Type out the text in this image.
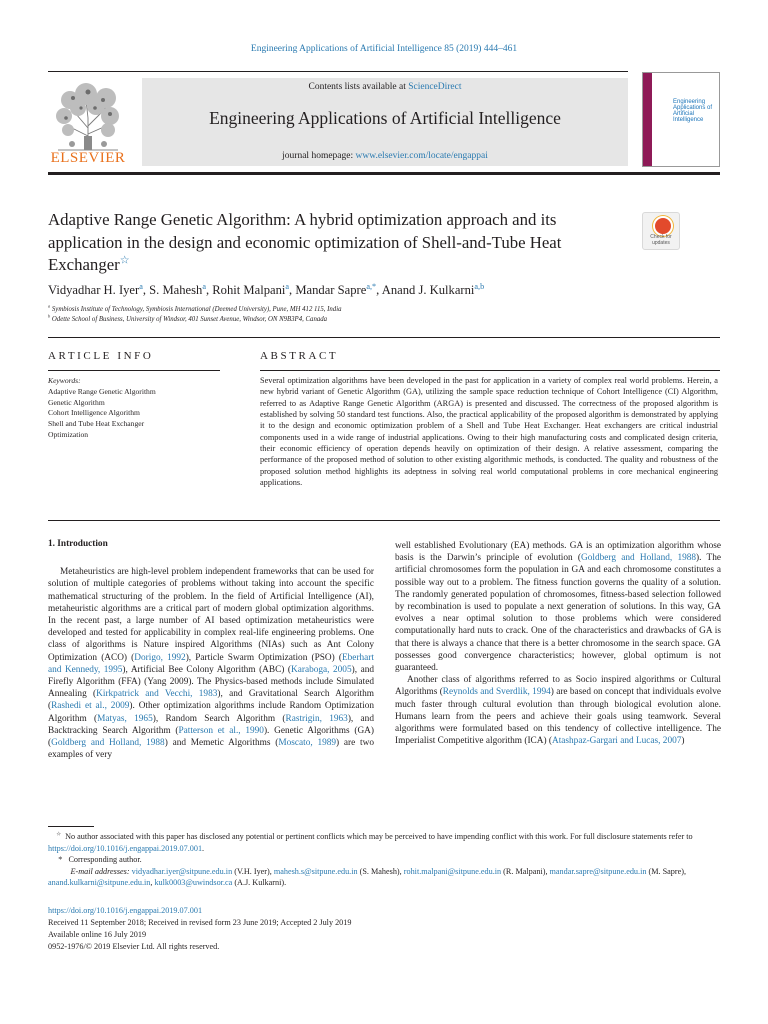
Engineering Applications of Artificial Intelligence 85 (2019) 444–461
ELSEVIER
Contents lists available at ScienceDirect
Engineering Applications of Artificial Intelligence
journal homepage: www.elsevier.com/locate/engappai
Engineering Applications of Artificial Intelligence
Adaptive Range Genetic Algorithm: A hybrid optimization approach and its application in the design and economic optimization of Shell-and-Tube Heat Exchanger☆
Check for updates
Vidyadhar H. Iyer$^a$, S. Mahesh$^a$, Rohit Malpani$^a$, Mandar Sapre$^{a,*}$, Anand J. Kulkarni$^{a,b}$
$^a$ Symbiosis Institute of Technology, Symbiosis International (Deemed University), Pune, MH 412 115, India
$^b$ Odette School of Business, University of Windsor, 401 Sunset Avenue, Windsor, ON N9B3P4, Canada
ARTICLE INFO	ABSTRACT
Keywords:
Adaptive Range Genetic Algorithm
Genetic Algorithm
Cohort Intelligence Algorithm
Shell and Tube Heat Exchanger
Optimization
Several optimization algorithms have been developed in the past for application in a variety of complex real world problems. Herein, a new hybrid variant of Genetic Algorithm (GA), utilizing the sample space reduction technique of Cohort Intelligence (CI) Algorithm, referred to as Adaptive Range Genetic Algorithm (ARGA) is presented and discussed. The correctness of the proposed algorithm is established by solving 50 standard test functions. Also, the practical applicability of the proposed algorithm is demonstrated by applying it to the design and economic optimization problem of a Shell and Tube Heat Exchanger. Heat exchangers are critical industrial components used in a wide range of industrial applications. Owing to their high manufacturing costs and complicated design criteria, their economic efficiency of operation depends heavily on optimization of their design. A relative assessment, comparing the performance of the proposed method of solution to other existing algorithmic methods, is conducted. The quality and robustness of the proposed solution method highlights its adeptness in solving real world computational problems in core mechanical engineering applications.
1. Introduction

Metaheuristics are high-level problem independent frameworks that can be used for solution of multiple categories of problems without taking into account the specific mathematical structuring of the problem. In the field of Artificial Intelligence (AI), metaheuristic algorithms are a critical part of modern global optimization algorithms. In the recent past, a large number of AI based optimization metaheuristics were developed and tested for applicability in complex real-life engineering problems. One class of algorithms is Nature inspired Algorithms (NIAs) such as Ant Colony Optimization (ACO) (Dorigo, 1992), Particle Swarm Optimization (PSO) (Eberhart and Kennedy, 1995), Artificial Bee Colony Algorithm (ABC) (Karaboga, 2005), and Firefly Algorithm (FFA) (Yang 2009). The Physics-based methods include Simulated Annealing (Kirkpatrick and Vecchi, 1983), and Gravitational Search Algorithm (Rashedi et al., 2009). Other optimization algorithms include Random Optimization Algorithm (Matyas, 1965), Random Search Algorithm (Rastrigin, 1963), and Backtracking Search Algorithm (Patterson et al., 1990). Genetic Algorithms (GA) (Goldberg and Holland, 1988) and Memetic Algorithms (Moscato, 1989) are two examples of very

well established Evolutionary (EA) methods. GA is an optimization algorithm whose basis is the Darwin’s principle of evolution (Goldberg and Holland, 1988). The artificial chromosomes form the population in GA and each chromosome constitutes a possible way out to a problem. The fitness function governs the quality of a solution. The randomly generated population of chromosomes, fitness-based selection followed by recombination is used to populate a next generation of solutions. In this way, GA evolves a near optimal solution to those problems which were considered computationally hard nuts to crack. One of the characteristics and drawbacks of GA is that there is always a chance that there is a better chromosome in the search space. GA possesses good convergence characteristics; however, global optimum is not guaranteed.

Another class of algorithms referred to as Socio inspired algorithms or Cultural Algorithms (Reynolds and Sverdlik, 1994) are based on concept that individuals evolve much faster through cultural evolution than through biological evolution alone. Humans learn from the peers and achieve their goals using teamwork. Several algorithms were formulated based on this tendency of collective intelligence. The Imperialist Competitive algorithm (ICA) (Atashpaz-Gargari and Lucas, 2007)

☆ No author associated with this paper has disclosed any potential or pertinent conflicts which may be perceived to have impending conflict with this work. For full disclosure statements refer to https://doi.org/10.1016/j.engappai.2019.07.001.
* Corresponding author.
E-mail addresses: vidyadhar.iyer@sitpune.edu.in (V.H. Iyer), mahesh.s@sitpune.edu.in (S. Mahesh), rohit.malpani@sitpune.edu.in (R. Malpani), mandar.sapre@sitpune.edu.in (M. Sapre), anand.kulkarni@sitpune.edu.in, kulk0003@uwindsor.ca (A.J. Kulkarni).
https://doi.org/10.1016/j.engappai.2019.07.001
Received 11 September 2018; Received in revised form 23 June 2019; Accepted 2 July 2019
Available online 16 July 2019
0952-1976/© 2019 Elsevier Ltd. All rights reserved.
